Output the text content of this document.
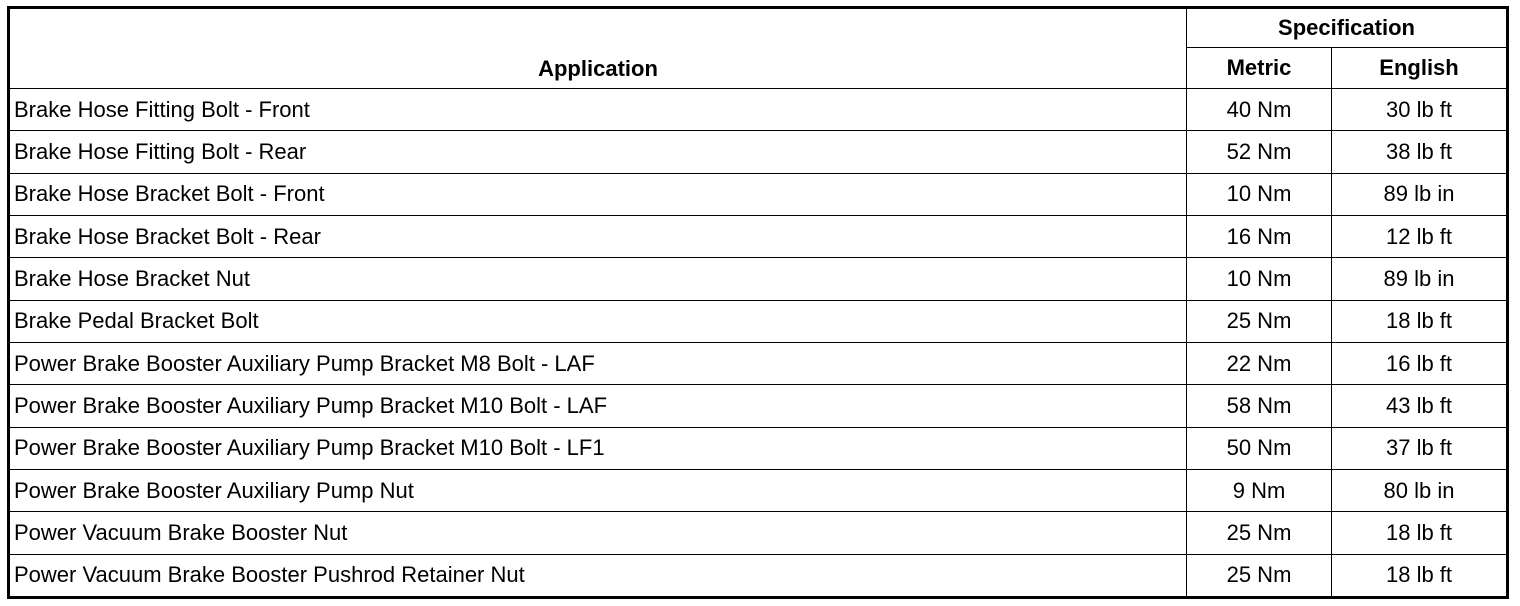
Application	Specification	
	Metric	English
Brake Hose Fitting Bolt - Front	40 Nm	30 lb ft
Brake Hose Fitting Bolt - Rear	52 Nm	38 lb ft
Brake Hose Bracket Bolt - Front	10 Nm	89 lb in
Brake Hose Bracket Bolt - Rear	16 Nm	12 lb ft
Brake Hose Bracket Nut	10 Nm	89 lb in
Brake Pedal Bracket Bolt	25 Nm	18 lb ft
Power Brake Booster Auxiliary Pump Bracket M8 Bolt - LAF	22 Nm	16 lb ft
Power Brake Booster Auxiliary Pump Bracket M10 Bolt - LAF	58 Nm	43 lb ft
Power Brake Booster Auxiliary Pump Bracket M10 Bolt - LF1	50 Nm	37 lb ft
Power Brake Booster Auxiliary Pump Nut	9 Nm	80 lb in
Power Vacuum Brake Booster Nut	25 Nm	18 lb ft
Power Vacuum Brake Booster Pushrod Retainer Nut	25 Nm	18 lb ft
